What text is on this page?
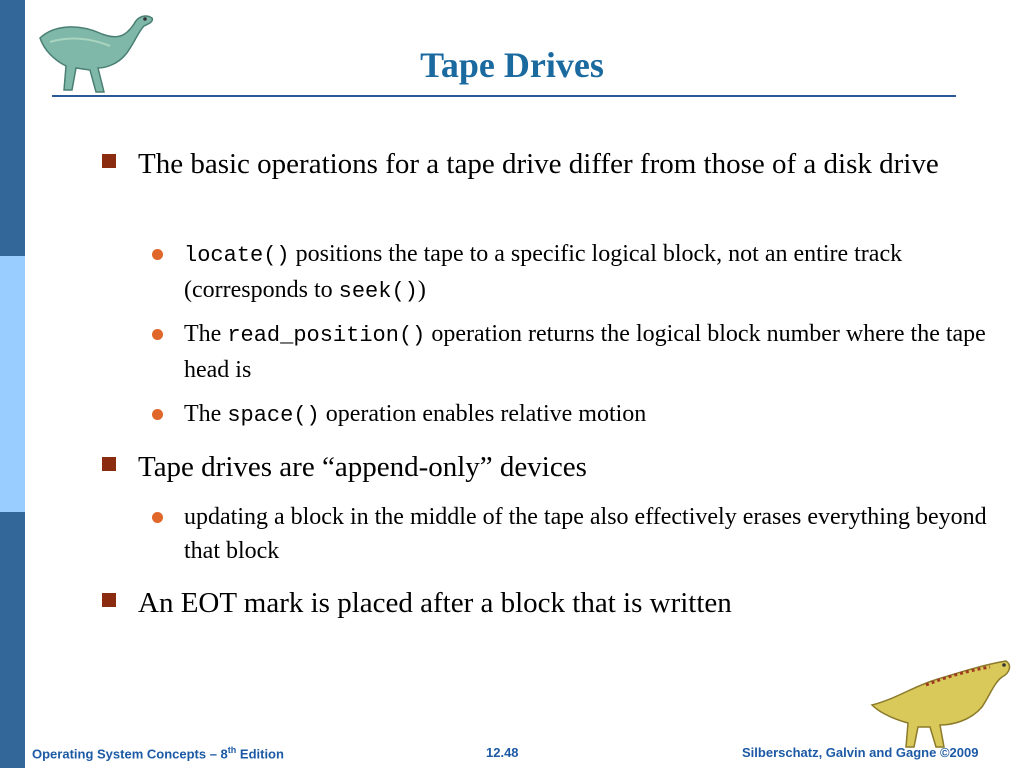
Tape Drives
The basic operations for a tape drive differ from those of a disk drive
locate() positions the tape to a specific logical block, not an entire track (corresponds to seek())
The read_position() operation returns the logical block number where the tape head is
The space() operation enables relative motion
Tape drives are “append-only” devices
updating a block in the middle of the tape also effectively erases everything beyond that block
An EOT mark is placed after a block that is written
Operating System Concepts – 8th Edition	12.48	Silberschatz, Galvin and Gagne ©2009
